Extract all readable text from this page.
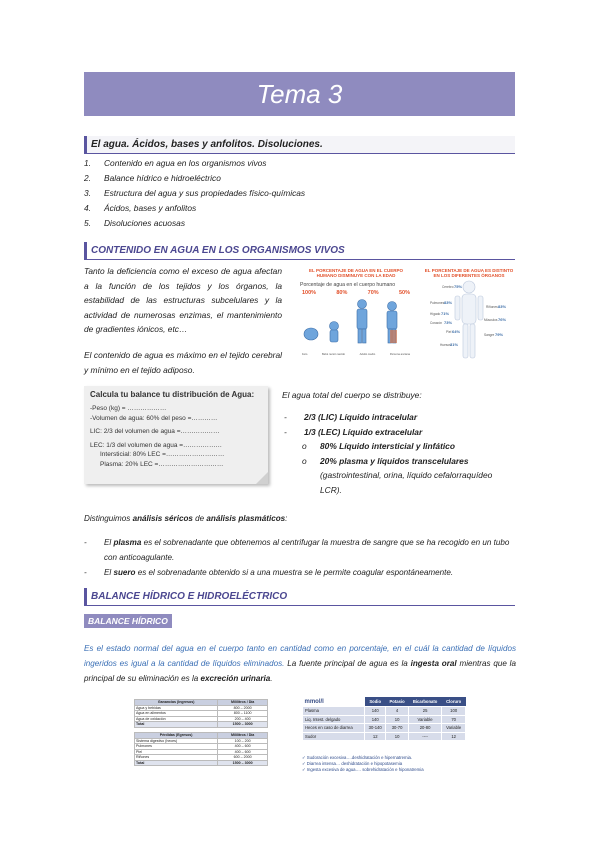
Tema 3
El agua. Ácidos, bases y anfolitos. Disoluciones.
1. Contenido en agua en los organismos vivos
2. Balance hídrico e hidroeléctrico
3. Estructura del agua y sus propiedades físico-químicas
4. Ácidos, bases y anfolitos
5. Disoluciones acuosas
CONTENIDO EN AGUA EN LOS ORGANISMOS VIVOS
Tanto la deficiencia como el exceso de agua afectan a la función de los tejidos y los órganos, la estabilidad de las estructuras subcelulares y la actividad de numerosas enzimas, el mantenimiento de gradientes iónicos, etc…
El contenido de agua es máximo en el tejido cerebral y mínimo en el tejido adiposo.
EL PORCENTAJE DE AGUA EN EL CUERPO HUMANO DISMINUYE CON LA EDAD
Porcentaje de agua en el cuerpo humano
100%	80%	70%	50%
Feto	Bebé recién nacido	Adulto medio	Persona anciana
EL PORCENTAJE DE AGUA ES DISTINTO EN LOS DIFERENTES ÓRGANOS
Cerebro 75%
Pulmones 83%
Hígado 71%
Riñones 83%
Corazón 73%
Piel 64%
Músculos 76%
Huesos 31%
Sangre 79%
Calcula tu balance tu distribución de Agua:
-Peso (kg) = ………………
-Volumen de agua: 60% del peso =…………
LIC: 2/3 del volumen de agua =………………
LEC: 1/3 del volumen de agua =………………
Intersticial: 80% LEC =………………………
Plasma: 20% LEC =…………………………
El agua total del cuerpo se distribuye:
- 2/3 (LIC) Líquido intracelular
- 1/3 (LEC) Líquido extracelular
o 80% Líquido intersticial y linfático
o 20% plasma y líquidos transcelulares (gastrointestinal, orina, líquido cefalorraquídeo LCR).
Distinguimos análisis séricos de análisis plasmáticos:
- El plasma es el sobrenadante que obtenemos al centrifugar la muestra de sangre que se ha recogido en un tubo con anticoagulante.
- El suero es el sobrenadante obtenido si a una muestra se le permite coagular espontáneamente.
BALANCE HÍDRICO E HIDROELÉCTRICO
BALANCE HÍDRICO
Es el estado normal del agua en el cuerpo tanto en cantidad como en porcentaje, en el cuál la cantidad de líquidos ingeridos es igual a la cantidad de líquidos eliminados. La fuente principal de agua es la ingesta oral mientras que la principal de su eliminación es la excreción urinaria.
Ganancias (Ingresos)	Mililitros / Día
Agua y bebidas	800 – 2000
Agua en alimentos	800 – 1100
Agua de oxidación	200 – 400
Total	1500 – 3000

Pérdidas (Egresos)	Mililitros / Día
Sistema digestivo (heces)	100 – 200
Pulmones	400 – 600
Piel	400 – 600
Riñones	600 – 2000
Total	1500 – 3000
mmol/l	Sodio	Potasio	Bicarbonato	Cloruro
Plasma	140	4	25	100
Liq. Intest. delgado	140	10	Variable	70
Heces en caso de diarrea	30-140	30-70	20-80	Variable
Sudor	12	10	----	12
✓ Sudoración excesiva….deshidratación e hipernatremia.
✓ Diarrea intensa… deshidratación e hipopotasemia
✓ Ingesta excesiva de agua…. sobrehidratación e hiponatremia
